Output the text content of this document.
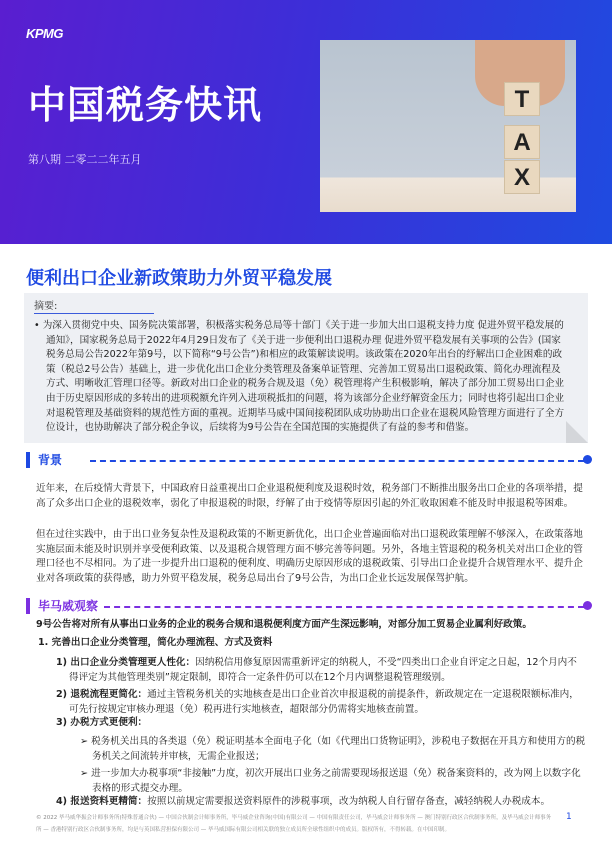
KPMG
中国税务快讯
第八期 二零二二年五月
T
A
X
便利出口企业新政策助力外贸平稳发展
摘要:
• 为深入贯彻党中央、国务院决策部署，积极落实税务总局等十部门《关于进一步加大出口退税支持力度 促进外贸平稳发展的通知》，国家税务总局于2022年4月29日发布了《关于进一步便利出口退税办理 促进外贸平稳发展有关事项的公告》(国家税务总局公告2022年第9号，以下简称“9号公告”)和相应的政策解读说明。该政策在2020年出台的纾解出口企业困难的政策（税总2号公告）基础上，进一步优化出口企业分类管理及备案单证管理、完善加工贸易出口退税政策、简化办理流程及方式、明晰收汇管理口径等。新政对出口企业的税务合规及退（免）税管理将产生积极影响，解决了部分加工贸易出口企业由于历史原因形成的多转出的进项税额允许列入进项税抵扣的问题，将为该部分企业纾解资金压力；同时也将引起出口企业对退税管理及基础资料的规范性方面的重视。近期毕马威中国间接税团队成功协助出口企业在退税风险管理方面进行了全方位设计，也协助解决了部分税企争议，后续将为9号公告在全国范围的实施提供了有益的参考和借鉴。
背景
近年来，在后疫情大背景下，中国政府日益重视出口企业退税便利度及退税时效，税务部门不断推出服务出口企业的各项举措，提高了众多出口企业的退税效率，弱化了申报退税的时限，纾解了由于疫情等原因引起的外汇收取困难不能及时申报退税等困难。
但在过往实践中，由于出口业务复杂性及退税政策的不断更新优化，出口企业普遍面临对出口退税政策理解不够深入，在政策落地实施层面未能及时识别并享受便利政策、以及退税合规管理方面不够完善等问题。另外，各地主管退税的税务机关对出口企业的管理口径也不尽相同。为了进一步提升出口退税的便利度、明确历史原因形成的退税政策、引导出口企业提升合规管理水平、提升企业对各项政策的获得感，助力外贸平稳发展，税务总局出台了9号公告，为出口企业长远发展保驾护航。
毕马威观察
9号公告将对所有从事出口业务的企业的税务合规和退税便利度方面产生深远影响，对部分加工贸易企业属利好政策。
1. 完善出口企业分类管理，简化办理流程、方式及资料
1) 出口企业分类管理更人性化：因纳税信用修复原因需重新评定的纳税人，不受“四类出口企业自评定之日起，12个月内不得评定为其他管理类别”规定限制，即符合一定条件仍可以在12个月内调整退税管理级别。
2) 退税流程更简化：通过主管税务机关的实地核查是出口企业首次申报退税的前提条件，新政规定在一定退税限额标准内，可先行按规定审核办理退（免）税再进行实地核查，超限部分仍需将实地核查前置。
3) 办税方式更便利：
➢ 税务机关出具的各类退（免）税证明基本全面电子化（如《代理出口货物证明》，涉税电子数据在开具方和使用方的税务机关之间流转并审核，无需企业报送；
➢ 进一步加大办税事项“非接触”力度，初次开展出口业务之前需要现场报送退（免）税备案资料的，改为网上以数字化表格的形式提交办理。
4) 报送资料更精简：按照以前规定需要报送资料原件的涉税事项，改为纳税人自行留存备查，减轻纳税人办税成本。
© 2022 毕马威华振会计师事务所(特殊普通合伙) — 中国合伙制会计师事务所，毕马威企业咨询(中国)有限公司 — 中国有限责任公司，毕马威会计师事务所 — 澳门特别行政区合伙制事务所，及毕马威会计师事务所 — 香港特别行政区合伙制事务所，均是与英国私营担保有限公司 — 毕马威国际有限公司相关联的独立成员所全球性组织中的成员。版权所有，不得转载。在中国印制。
1
